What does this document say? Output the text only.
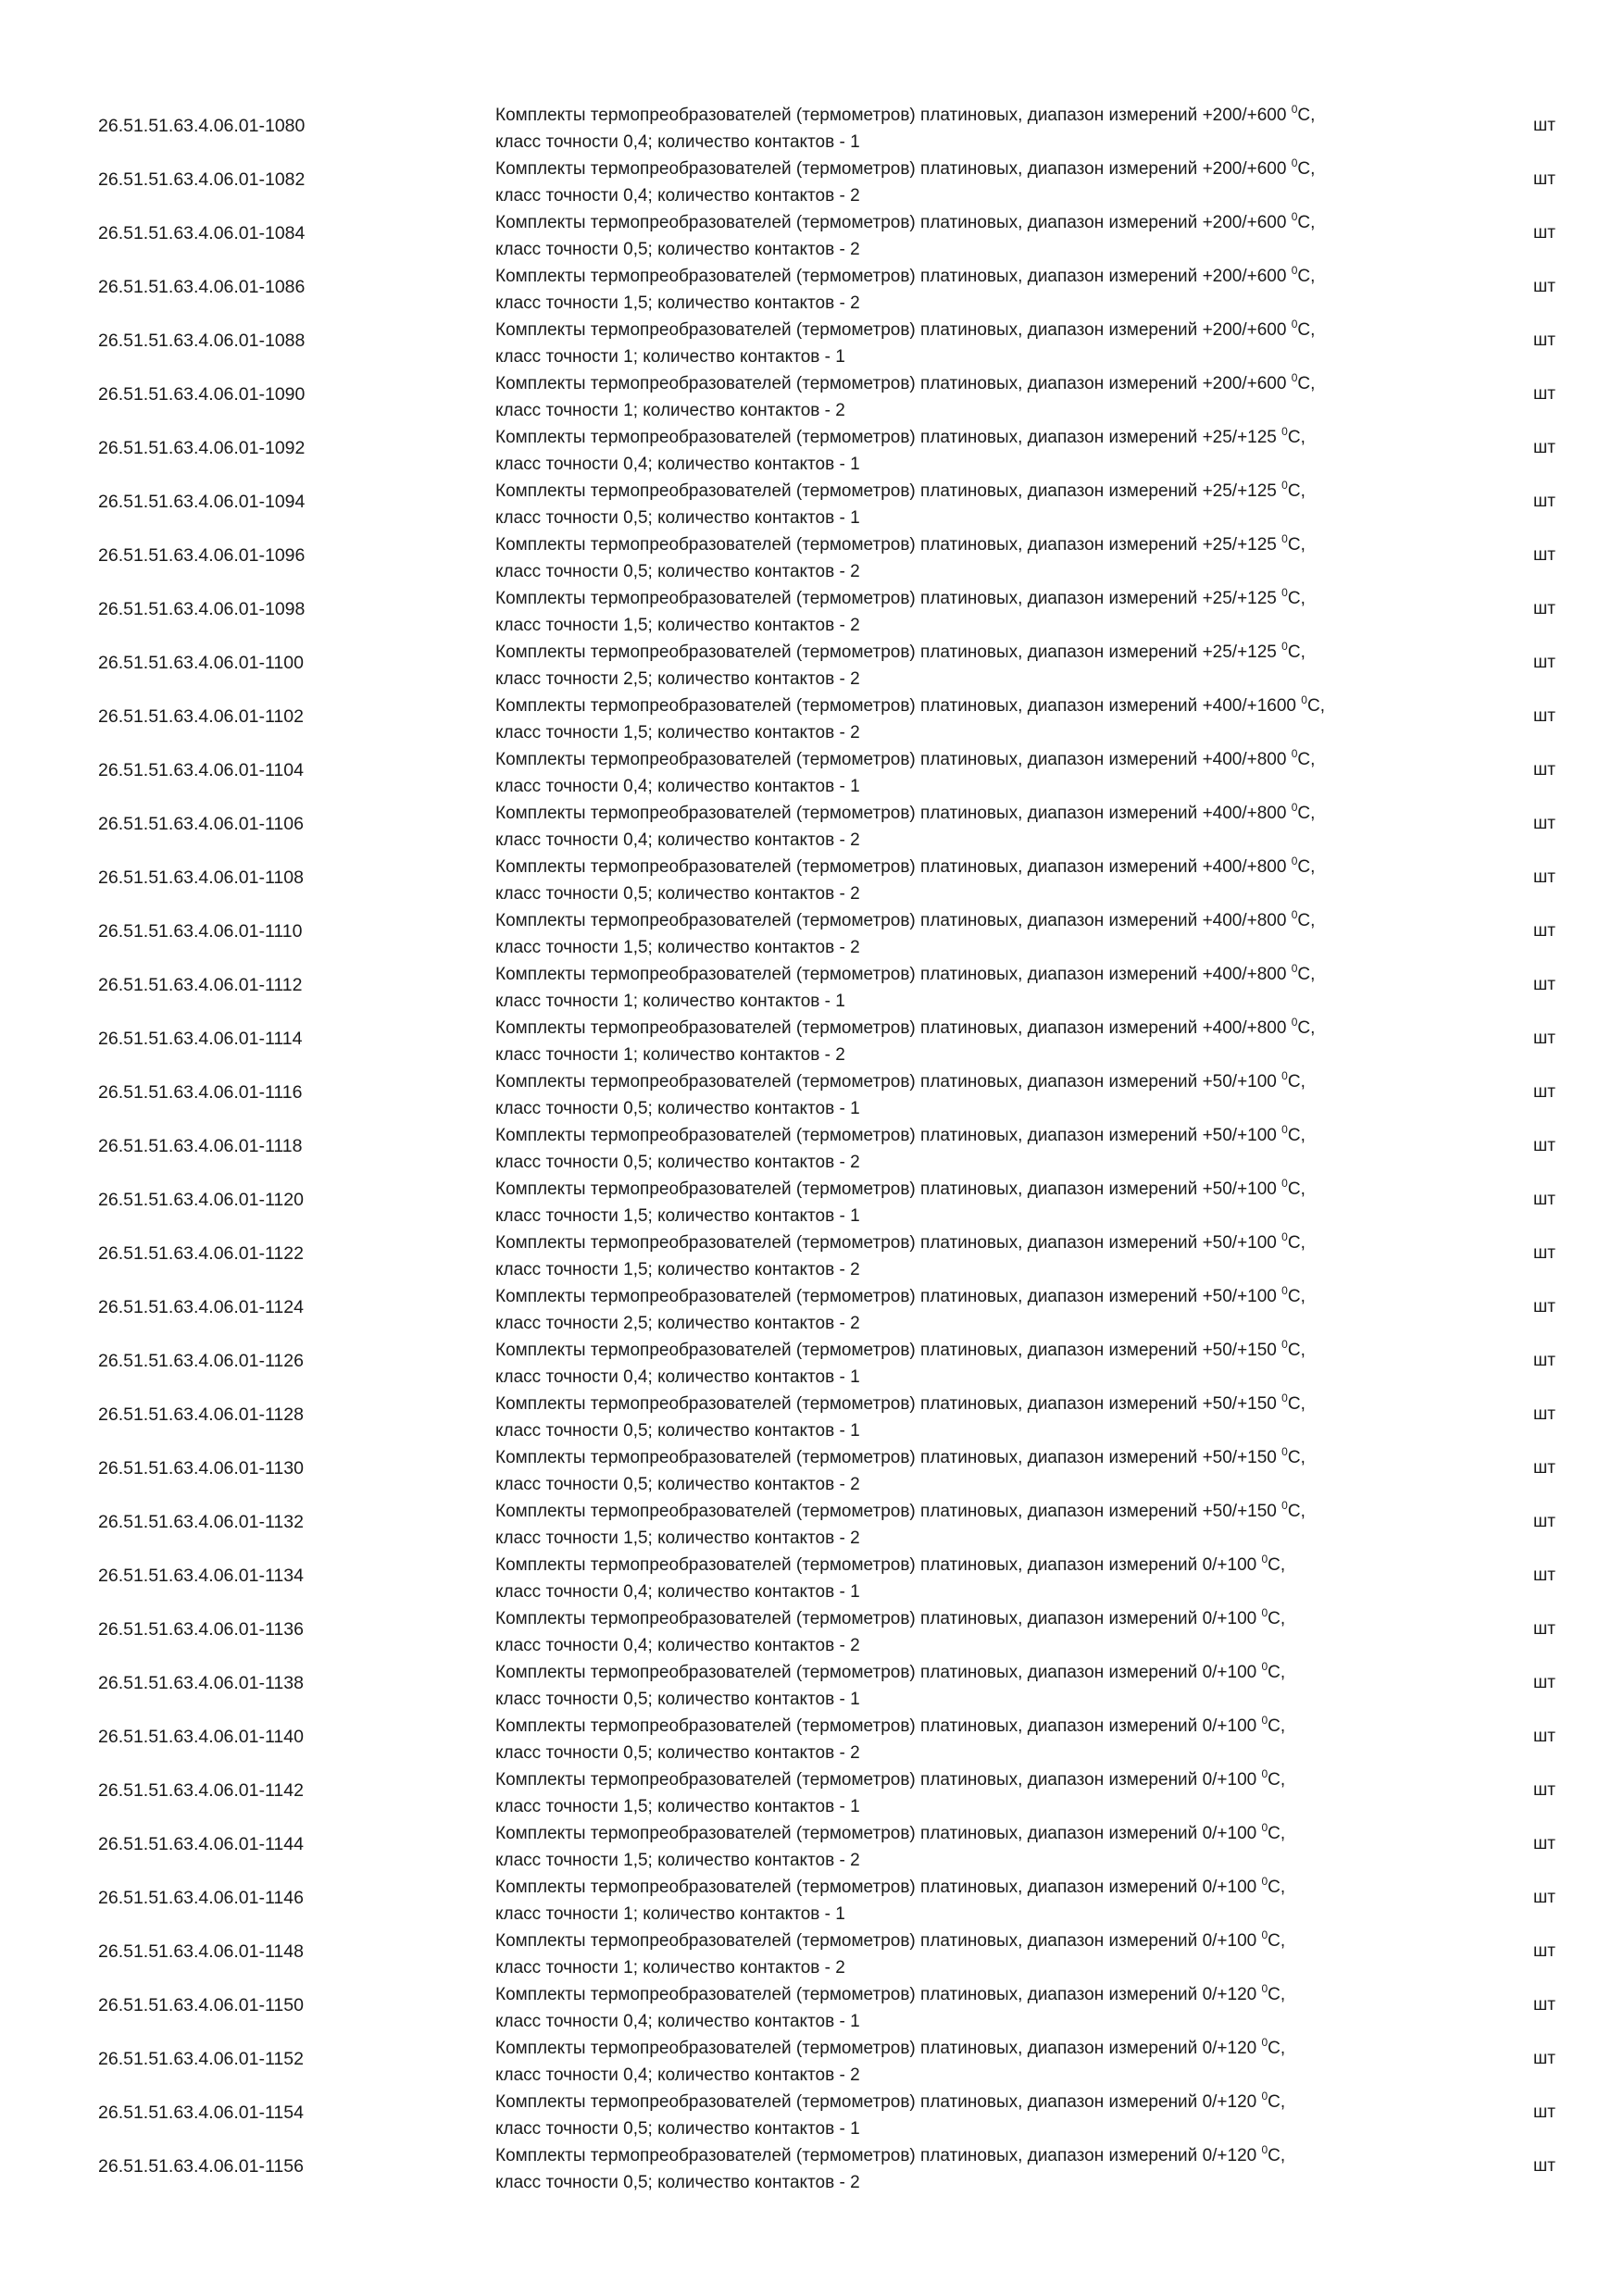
26.51.51.63.4.06.01-1080
Комплекты термопреобразователей (термометров) платиновых, диапазон измерений +200/+600 $^0$С,
класс точности 0,4; количество контактов - 1
шт
26.51.51.63.4.06.01-1082
Комплекты термопреобразователей (термометров) платиновых, диапазон измерений +200/+600 $^0$С,
класс точности 0,4; количество контактов - 2
шт
26.51.51.63.4.06.01-1084
Комплекты термопреобразователей (термометров) платиновых, диапазон измерений +200/+600 $^0$С,
класс точности 0,5; количество контактов - 2
шт
26.51.51.63.4.06.01-1086
Комплекты термопреобразователей (термометров) платиновых, диапазон измерений +200/+600 $^0$С,
класс точности 1,5; количество контактов - 2
шт
26.51.51.63.4.06.01-1088
Комплекты термопреобразователей (термометров) платиновых, диапазон измерений +200/+600 $^0$С,
класс точности 1; количество контактов - 1
шт
26.51.51.63.4.06.01-1090
Комплекты термопреобразователей (термометров) платиновых, диапазон измерений +200/+600 $^0$С,
класс точности 1; количество контактов - 2
шт
26.51.51.63.4.06.01-1092
Комплекты термопреобразователей (термометров) платиновых, диапазон измерений +25/+125 $^0$С,
класс точности 0,4; количество контактов - 1
шт
26.51.51.63.4.06.01-1094
Комплекты термопреобразователей (термометров) платиновых, диапазон измерений +25/+125 $^0$С,
класс точности 0,5; количество контактов - 1
шт
26.51.51.63.4.06.01-1096
Комплекты термопреобразователей (термометров) платиновых, диапазон измерений +25/+125 $^0$С,
класс точности 0,5; количество контактов - 2
шт
26.51.51.63.4.06.01-1098
Комплекты термопреобразователей (термометров) платиновых, диапазон измерений +25/+125 $^0$С,
класс точности 1,5; количество контактов - 2
шт
26.51.51.63.4.06.01-1100
Комплекты термопреобразователей (термометров) платиновых, диапазон измерений +25/+125 $^0$С,
класс точности 2,5; количество контактов - 2
шт
26.51.51.63.4.06.01-1102
Комплекты термопреобразователей (термометров) платиновых, диапазон измерений +400/+1600 $^0$С,
класс точности 1,5; количество контактов - 2
шт
26.51.51.63.4.06.01-1104
Комплекты термопреобразователей (термометров) платиновых, диапазон измерений +400/+800 $^0$С,
класс точности 0,4; количество контактов - 1
шт
26.51.51.63.4.06.01-1106
Комплекты термопреобразователей (термометров) платиновых, диапазон измерений +400/+800 $^0$С,
класс точности 0,4; количество контактов - 2
шт
26.51.51.63.4.06.01-1108
Комплекты термопреобразователей (термометров) платиновых, диапазон измерений +400/+800 $^0$С,
класс точности 0,5; количество контактов - 2
шт
26.51.51.63.4.06.01-1110
Комплекты термопреобразователей (термометров) платиновых, диапазон измерений +400/+800 $^0$С,
класс точности 1,5; количество контактов - 2
шт
26.51.51.63.4.06.01-1112
Комплекты термопреобразователей (термометров) платиновых, диапазон измерений +400/+800 $^0$С,
класс точности 1; количество контактов - 1
шт
26.51.51.63.4.06.01-1114
Комплекты термопреобразователей (термометров) платиновых, диапазон измерений +400/+800 $^0$С,
класс точности 1; количество контактов - 2
шт
26.51.51.63.4.06.01-1116
Комплекты термопреобразователей (термометров) платиновых, диапазон измерений +50/+100 $^0$С,
класс точности 0,5; количество контактов - 1
шт
26.51.51.63.4.06.01-1118
Комплекты термопреобразователей (термометров) платиновых, диапазон измерений +50/+100 $^0$С,
класс точности 0,5; количество контактов - 2
шт
26.51.51.63.4.06.01-1120
Комплекты термопреобразователей (термометров) платиновых, диапазон измерений +50/+100 $^0$С,
класс точности 1,5; количество контактов - 1
шт
26.51.51.63.4.06.01-1122
Комплекты термопреобразователей (термометров) платиновых, диапазон измерений +50/+100 $^0$С,
класс точности 1,5; количество контактов - 2
шт
26.51.51.63.4.06.01-1124
Комплекты термопреобразователей (термометров) платиновых, диапазон измерений +50/+100 $^0$С,
класс точности 2,5; количество контактов - 2
шт
26.51.51.63.4.06.01-1126
Комплекты термопреобразователей (термометров) платиновых, диапазон измерений +50/+150 $^0$С,
класс точности 0,4; количество контактов - 1
шт
26.51.51.63.4.06.01-1128
Комплекты термопреобразователей (термометров) платиновых, диапазон измерений +50/+150 $^0$С,
класс точности 0,5; количество контактов - 1
шт
26.51.51.63.4.06.01-1130
Комплекты термопреобразователей (термометров) платиновых, диапазон измерений +50/+150 $^0$С,
класс точности 0,5; количество контактов - 2
шт
26.51.51.63.4.06.01-1132
Комплекты термопреобразователей (термометров) платиновых, диапазон измерений +50/+150 $^0$С,
класс точности 1,5; количество контактов - 2
шт
26.51.51.63.4.06.01-1134
Комплекты термопреобразователей (термометров) платиновых, диапазон измерений 0/+100 $^0$С,
класс точности 0,4; количество контактов - 1
шт
26.51.51.63.4.06.01-1136
Комплекты термопреобразователей (термометров) платиновых, диапазон измерений 0/+100 $^0$С,
класс точности 0,4; количество контактов - 2
шт
26.51.51.63.4.06.01-1138
Комплекты термопреобразователей (термометров) платиновых, диапазон измерений 0/+100 $^0$С,
класс точности 0,5; количество контактов - 1
шт
26.51.51.63.4.06.01-1140
Комплекты термопреобразователей (термометров) платиновых, диапазон измерений 0/+100 $^0$С,
класс точности 0,5; количество контактов - 2
шт
26.51.51.63.4.06.01-1142
Комплекты термопреобразователей (термометров) платиновых, диапазон измерений 0/+100 $^0$С,
класс точности 1,5; количество контактов - 1
шт
26.51.51.63.4.06.01-1144
Комплекты термопреобразователей (термометров) платиновых, диапазон измерений 0/+100 $^0$С,
класс точности 1,5; количество контактов - 2
шт
26.51.51.63.4.06.01-1146
Комплекты термопреобразователей (термометров) платиновых, диапазон измерений 0/+100 $^0$С,
класс точности 1; количество контактов - 1
шт
26.51.51.63.4.06.01-1148
Комплекты термопреобразователей (термометров) платиновых, диапазон измерений 0/+100 $^0$С,
класс точности 1; количество контактов - 2
шт
26.51.51.63.4.06.01-1150
Комплекты термопреобразователей (термометров) платиновых, диапазон измерений 0/+120 $^0$С,
класс точности 0,4; количество контактов - 1
шт
26.51.51.63.4.06.01-1152
Комплекты термопреобразователей (термометров) платиновых, диапазон измерений 0/+120 $^0$С,
класс точности 0,4; количество контактов - 2
шт
26.51.51.63.4.06.01-1154
Комплекты термопреобразователей (термометров) платиновых, диапазон измерений 0/+120 $^0$С,
класс точности 0,5; количество контактов - 1
шт
26.51.51.63.4.06.01-1156
Комплекты термопреобразователей (термометров) платиновых, диапазон измерений 0/+120 $^0$С,
класс точности 0,5; количество контактов - 2
шт
